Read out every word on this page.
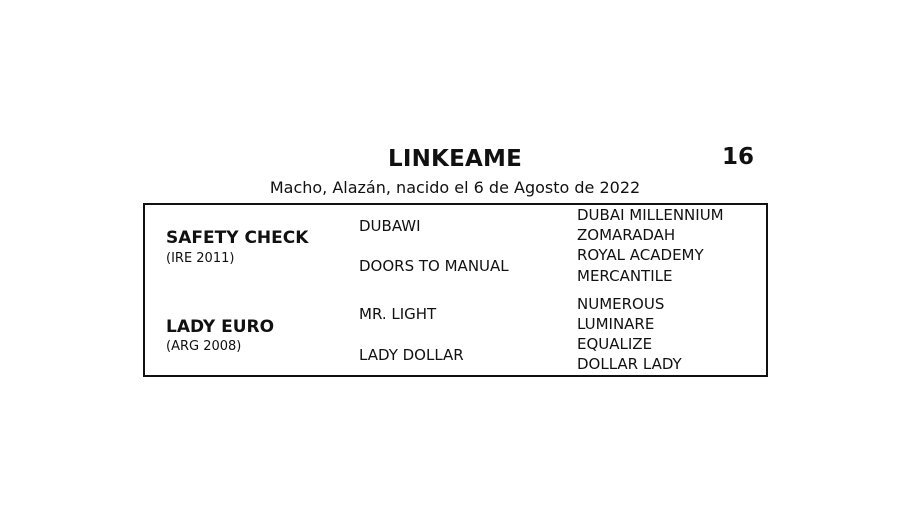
LINKEAME	16
Macho, Alazán, nacido el 6 de Agosto de 2022
SAFETY CHECK
(IRE 2011)
LADY EURO
(ARG 2008)
DUBAWI
DOORS TO MANUAL
MR. LIGHT
LADY DOLLAR
DUBAI MILLENNIUM
ZOMARADAH
ROYAL ACADEMY
MERCANTILE
NUMEROUS
LUMINARE
EQUALIZE
DOLLAR LADY
